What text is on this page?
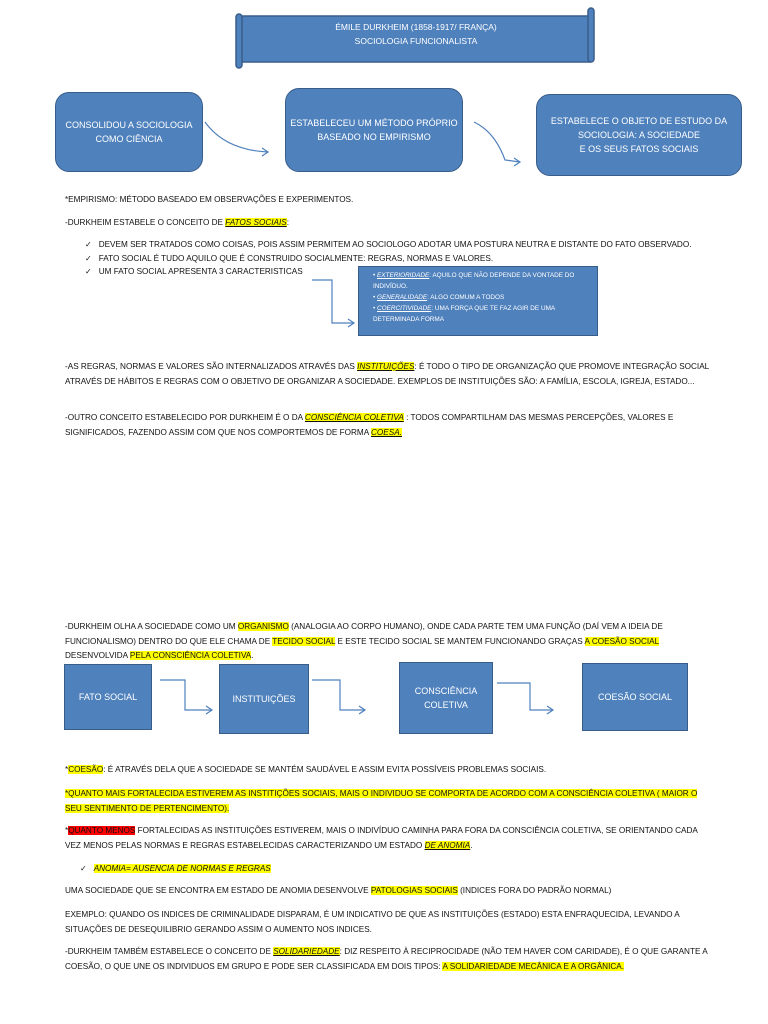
ÉMILE DURKHEIM (1858-1917/ FRANÇA)
SOCIOLOGIA FUNCIONALISTA
CONSOLIDOU A SOCIOLOGIA
COMO CIÊNCIA
ESTABELECEU UM MÉTODO PRÓPRIO
BASEADO NO EMPIRISMO
ESTABELECE O OBJETO DE ESTUDO DA
SOCIOLOGIA: A SOCIEDADE
E OS SEUS FATOS SOCIAIS
*EMPIRISMO: MÉTODO BASEADO EM OBSERVAÇÕES E EXPERIMENTOS.
-DURKHEIM ESTABELE O CONCEITO DE FATOS SOCIAIS:
✓   DEVEM SER TRATADOS COMO COISAS, POIS ASSIM PERMITEM AO SOCIOLOGO ADOTAR UMA POSTURA NEUTRA E DISTANTE DO FATO OBSERVADO.
✓   FATO SOCIAL É TUDO AQUILO QUE É CONSTRUIDO SOCIALMENTE: REGRAS, NORMAS E VALORES.
✓   UM FATO SOCIAL APRESENTA 3 CARACTERISTICAS	• EXTERIORIDADE: AQUILO QUE NÃO DEPENDE DA VONTADE DO INDIVÍDUO.
• GENERALIDADE: ALGO COMUM A TODOS
• COERCITIVIDADE: UMA FORÇA QUE TE FAZ AGIR DE UMA DETERMINADA FORMA
-AS REGRAS, NORMAS E VALORES SÃO INTERNALIZADOS ATRAVÉS DAS INSTITUIÇÕES: É TODO O TIPO DE ORGANIZAÇÃO QUE PROMOVE INTEGRAÇÃO SOCIAL ATRAVÉS DE HÁBITOS E REGRAS COM O OBJETIVO DE ORGANIZAR A SOCIEDADE. EXEMPLOS DE INSTITUIÇÕES SÃO: A FAMÍLIA, ESCOLA, IGREJA, ESTADO...
-OUTRO CONCEITO ESTABELECIDO POR DURKHEIM É O DA CONSCIÊNCIA COLETIVA : TODOS COMPARTILHAM DAS MESMAS PERCEPÇÕES, VALORES E SIGNIFICADOS, FAZENDO ASSIM COM QUE NOS COMPORTEMOS DE FORMA COESA.
-DURKHEIM OLHA A SOCIEDADE COMO UM ORGANISMO (ANALOGIA AO CORPO HUMANO), ONDE CADA PARTE TEM UMA FUNÇÃO (DAÍ VEM A IDEIA DE FUNCIONALISMO) DENTRO DO QUE ELE CHAMA DE TECIDO SOCIAL E ESTE TECIDO SOCIAL SE MANTEM FUNCIONANDO GRAÇAS A COESÃO SOCIAL DESENVOLVIDA PELA CONSCIÊNCIA COLETIVA.
FATO SOCIAL	INSTITUIÇÕES
CONSCIÊNCIA
COLETIVA
COESÃO SOCIAL
*COESÃO: É ATRAVÉS DELA QUE A SOCIEDADE SE MANTÉM SAUDÁVEL E ASSIM EVITA POSSÍVEIS PROBLEMAS SOCIAIS.
*QUANTO MAIS FORTALECIDA ESTIVEREM AS INSTITIÇÕES SOCIAIS, MAIS O INDIVIDUO SE COMPORTA DE ACORDO COM A CONSCIÊNCIA COLETIVA ( MAIOR O SEU SENTIMENTO DE PERTENCIMENTO).
*QUANTO MENOS FORTALECIDAS AS INSTITUIÇÕES ESTIVEREM, MAIS O INDIVÍDUO CAMINHA PARA FORA DA CONSCIÊNCIA COLETIVA, SE ORIENTANDO CADA VEZ MENOS PELAS NORMAS E REGRAS ESTABELECIDAS CARACTERIZANDO UM ESTADO DE ANOMIA.
✓   ANOMIA= AUSENCIA DE NORMAS E REGRAS
UMA SOCIEDADE QUE SE ENCONTRA EM ESTADO DE ANOMIA DESENVOLVE PATOLOGIAS SOCIAIS (INDICES FORA DO PADRÃO NORMAL)
EXEMPLO: QUANDO OS INDICES DE CRIMINALIDADE DISPARAM, É UM INDICATIVO DE QUE AS INSTITUIÇÕES (ESTADO) ESTA ENFRAQUECIDA, LEVANDO A SITUAÇÕES DE DESEQUILIBRIO GERANDO ASSIM O AUMENTO NOS INDICES.
-DURKHEIM TAMBÉM ESTABELECE O CONCEITO DE SOLIDARIEDADE: DIZ RESPEITO À RECIPROCIDADE (NÃO TEM HAVER COM CARIDADE), É O QUE GARANTE A COESÃO, O QUE UNE OS INDIVIDUOS EM GRUPO E PODE SER CLASSIFICADA EM DOIS TIPOS: A SOLIDARIEDADE MECÂNICA E A ORGÂNICA.
